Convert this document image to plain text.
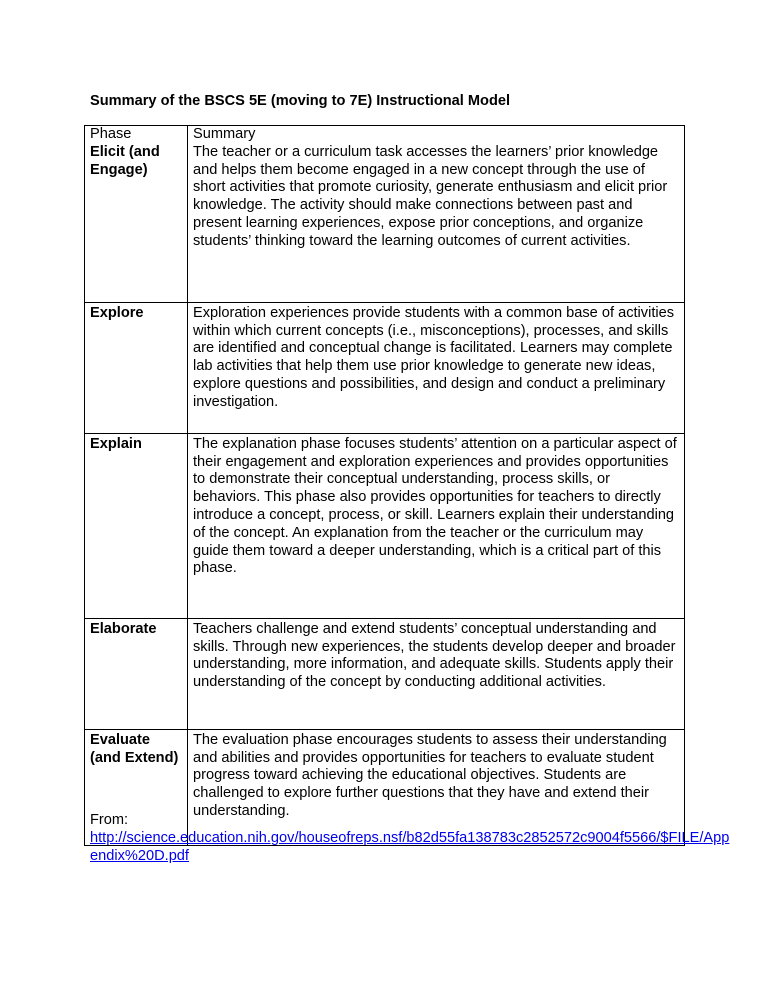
Summary of the BSCS 5E (moving to 7E) Instructional Model

Phase	Summary
Elicit (and Engage)	The teacher or a curriculum task accesses the learners’ prior knowledge and helps them become engaged in a new concept through the use of short activities that promote curiosity, generate enthusiasm and elicit prior knowledge. The activity should make connections between past and present learning experiences, expose prior conceptions, and organize students’ thinking toward the learning outcomes of current activities.

Explore	Exploration experiences provide students with a common base of activities within which current concepts (i.e., misconceptions), processes, and skills are identified and conceptual change is facilitated. Learners may complete lab activities that help them use prior knowledge to generate new ideas, explore questions and possibilities, and design and conduct a preliminary investigation.

Explain	The explanation phase focuses students’ attention on a particular aspect of their engagement and exploration experiences and provides opportunities to demonstrate their conceptual understanding, process skills, or behaviors. This phase also provides opportunities for teachers to directly introduce a concept, process, or skill. Learners explain their understanding of the concept. An explanation from the teacher or the curriculum may guide them toward a deeper understanding, which is a critical part of this phase.

Elaborate	Teachers challenge and extend students’ conceptual understanding and skills. Through new experiences, the students develop deeper and broader understanding, more information, and adequate skills. Students apply their understanding of the concept by conducting additional activities.

Evaluate (and Extend)	The evaluation phase encourages students to assess their understanding and abilities and provides opportunities for teachers to evaluate student progress toward achieving the educational objectives. Students are challenged to explore further questions that they have and extend their understanding.
From:
http://science.education.nih.gov/houseofreps.nsf/b82d55fa138783c2852572c9004f5566/$FILE/Appendix%20D.pdf
